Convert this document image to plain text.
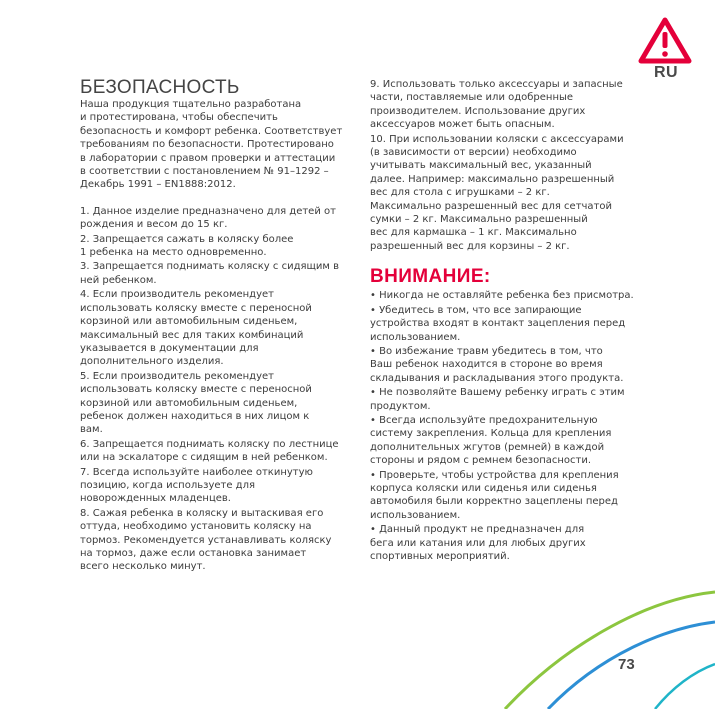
RU
БЕЗОПАСНОСТЬ

Наша продукция тщательно разработана
и протестирована, чтобы обеспечить
безопасность и комфорт ребенка. Соответствует
требованиям по безопасности. Протестировано
в лаборатории с правом проверки и аттестации
в соответствии с постановлением № 91–1292 –
Декабрь 1991 – EN1888:2012.

1. Данное изделие предназначено для детей от
рождения и весом до 15 кг.
2. Запрещается сажать в коляску более
1 ребенка на место одновременно.
3. Запрещается поднимать коляску с сидящим в
ней ребенком.
4. Если производитель рекомендует
использовать коляску вместе с переносной
корзиной или автомобильным сиденьем,
максимальный вес для таких комбинаций
указывается в документации для
дополнительного изделия.
5. Если производитель рекомендует
использовать коляску вместе с переносной
корзиной или автомобильным сиденьем,
ребенок должен находиться в них лицом к
вам.
6. Запрещается поднимать коляску по лестнице
или на эскалаторе с сидящим в ней ребенком.
7. Всегда используйте наиболее откинутую
позицию, когда используете для
новорожденных младенцев.
8. Сажая ребенка в коляску и вытаскивая его
оттуда, необходимо установить коляску на
тормоз. Рекомендуется устанавливать коляску
на тормоз, даже если остановка занимает
всего несколько минут.
9. Использовать только аксессуары и запасные
части, поставляемые или одобренные
производителем. Использование других
аксессуаров может быть опасным.
10. При использовании коляски с аксессуарами
(в зависимости от версии) необходимо
учитывать максимальный вес, указанный
далее. Например: максимально разрешенный
вес для стола с игрушками – 2 кг.
Максимально разрешенный вес для сетчатой
сумки – 2 кг. Максимально разрешенный
вес для кармашка – 1 кг. Максимально
разрешенный вес для корзины – 2 кг.
ВНИМАНИЕ:
• Никогда не оставляйте ребенка без присмотра.
• Убедитесь в том, что все запирающие
устройства входят в контакт зацепления перед
использованием.
• Во избежание травм убедитесь в том, что
Ваш ребенок находится в стороне во время
складывания и раскладывания этого продукта.
• Не позволяйте Вашему ребенку играть с этим
продуктом.
• Всегда используйте предохранительную
систему закрепления. Кольца для крепления
дополнительных жгутов (ремней) в каждой
стороны и рядом с ремнем безопасности.
• Проверьте, чтобы устройства для крепления
корпуса коляски или сиденья или сиденья
автомобиля были корректно зацеплены перед
использованием.
• Данный продукт не предназначен для
бега или катания или для любых других
спортивных мероприятий.
73
